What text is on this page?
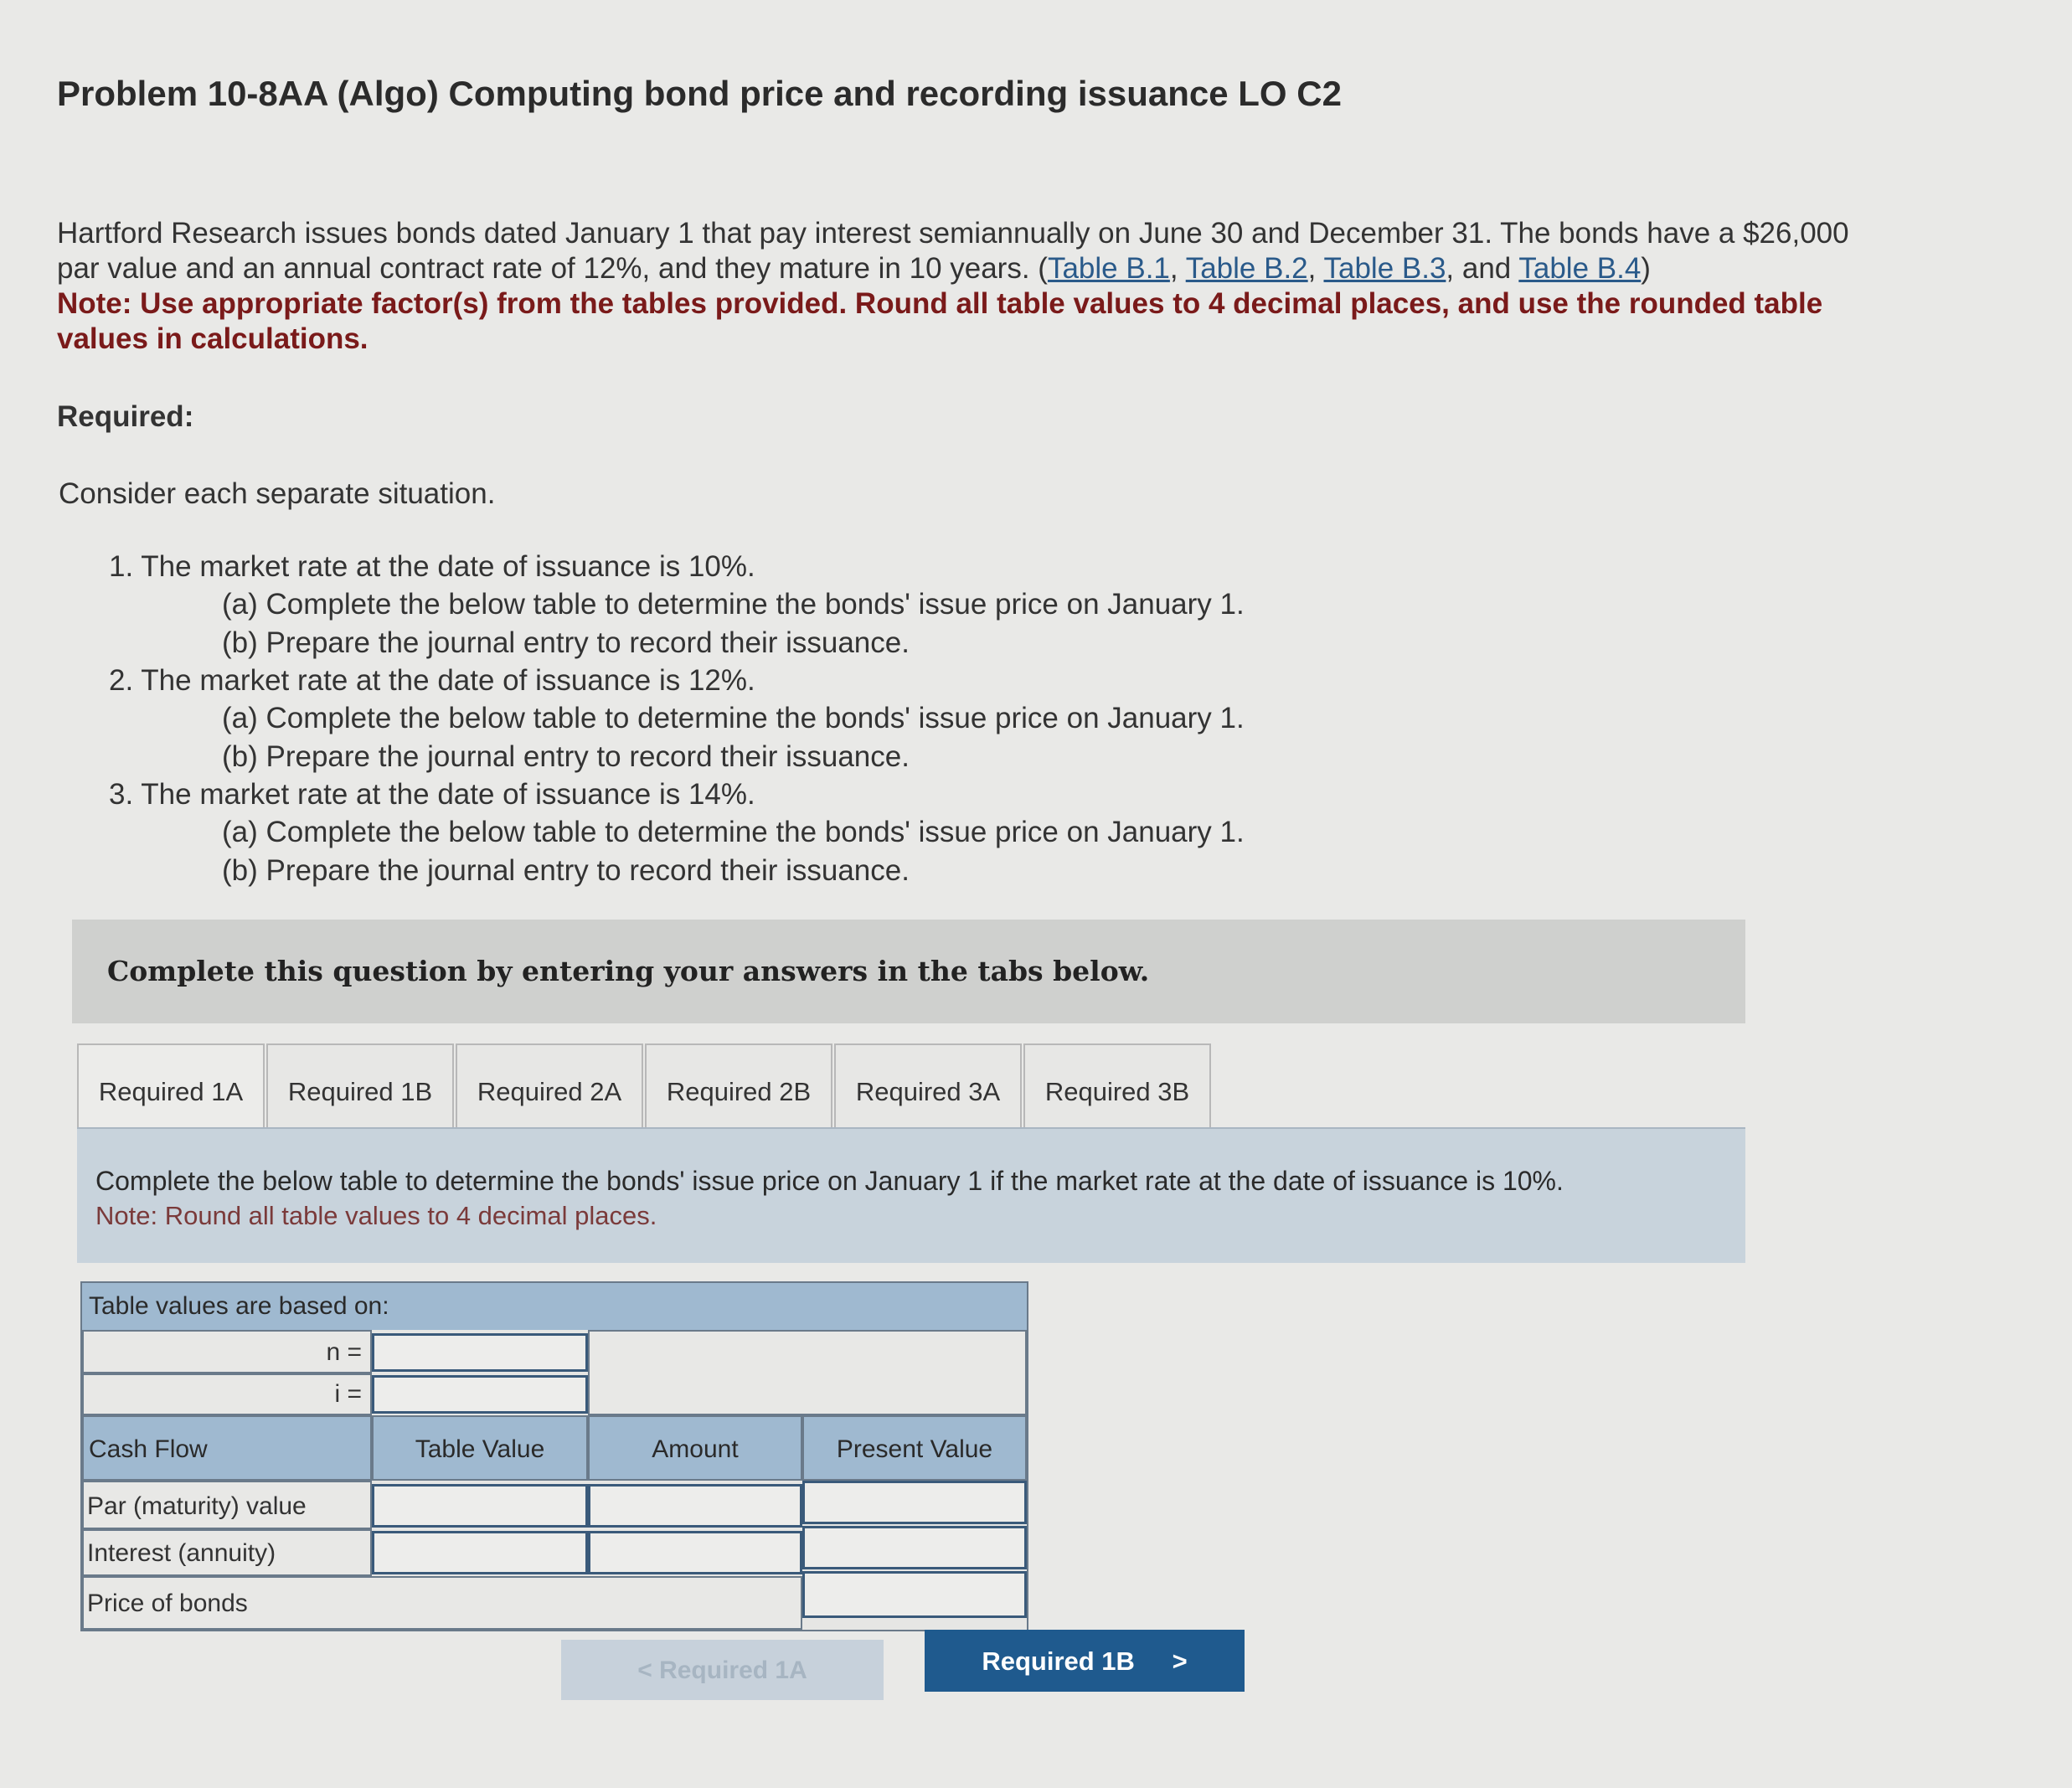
Problem 10-8AA (Algo) Computing bond price and recording issuance LO C2
Hartford Research issues bonds dated January 1 that pay interest semiannually on June 30 and December 31. The bonds have a $26,000 par value and an annual contract rate of 12%, and they mature in 10 years. (Table B.1, Table B.2, Table B.3, and Table B.4)
Note: Use appropriate factor(s) from the tables provided. Round all table values to 4 decimal places, and use the rounded table values in calculations.
Required:
Consider each separate situation.
1. The market rate at the date of issuance is 10%.
(a) Complete the below table to determine the bonds' issue price on January 1.
(b) Prepare the journal entry to record their issuance.
2. The market rate at the date of issuance is 12%.
(a) Complete the below table to determine the bonds' issue price on January 1.
(b) Prepare the journal entry to record their issuance.
3. The market rate at the date of issuance is 14%.
(a) Complete the below table to determine the bonds' issue price on January 1.
(b) Prepare the journal entry to record their issuance.
Complete this question by entering your answers in the tabs below.
Required 1A	Required 1B	Required 2A	Required 2B	Required 3A	Required 3B
Complete the below table to determine the bonds' issue price on January 1 if the market rate at the date of issuance is 10%.
Note: Round all table values to 4 decimal places.
Table values are based on:
n =
i =
Cash Flow	Table Value	Amount	Present Value
Par (maturity) value
Interest (annuity)
Price of bonds
< Required 1A	Required 1B >
